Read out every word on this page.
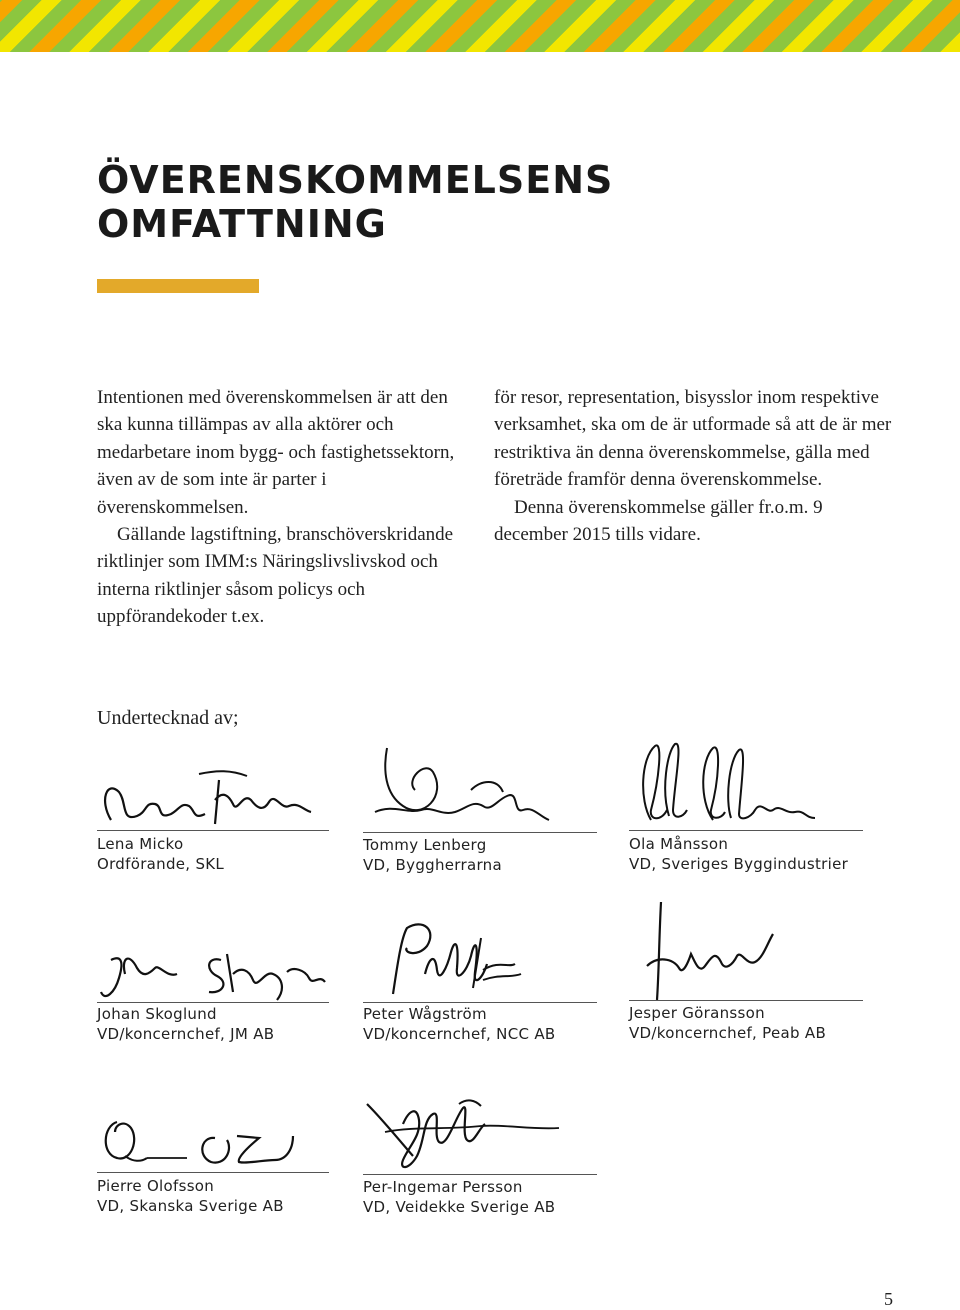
ÖVERENSKOMMELSENS
OMFATTNING

Intentionen med överenskommelsen är att den ska kunna tillämpas av alla aktörer och medarbetare inom bygg- och fastighetssektorn, även av de som inte är parter i överenskommelsen.

Gällande lagstiftning, branschöverskridande riktlinjer som IMM:s Näringslivslivskod och interna riktlinjer såsom policys och uppförandekoder t.ex.

för resor, representation, bisysslor inom respektive verksamhet, ska om de är utformade så att de är mer restriktiva än denna överenskommelse, gälla med företräde framför denna överenskommelse.

Denna överenskommelse gäller fr.o.m. 9 december 2015 tills vidare.

Undertecknad av;
Lena Micko
Ordförande, SKL
Tommy Lenberg
VD, Byggherrarna
Ola Månsson
VD, Sveriges Byggindustrier
Johan Skoglund
VD/koncernchef, JM AB
Peter Wågström
VD/koncernchef, NCC AB
Jesper Göransson
VD/koncernchef, Peab AB
Pierre Olofsson
VD, Skanska Sverige AB
Per-Ingemar Persson
VD, Veidekke Sverige AB
5
